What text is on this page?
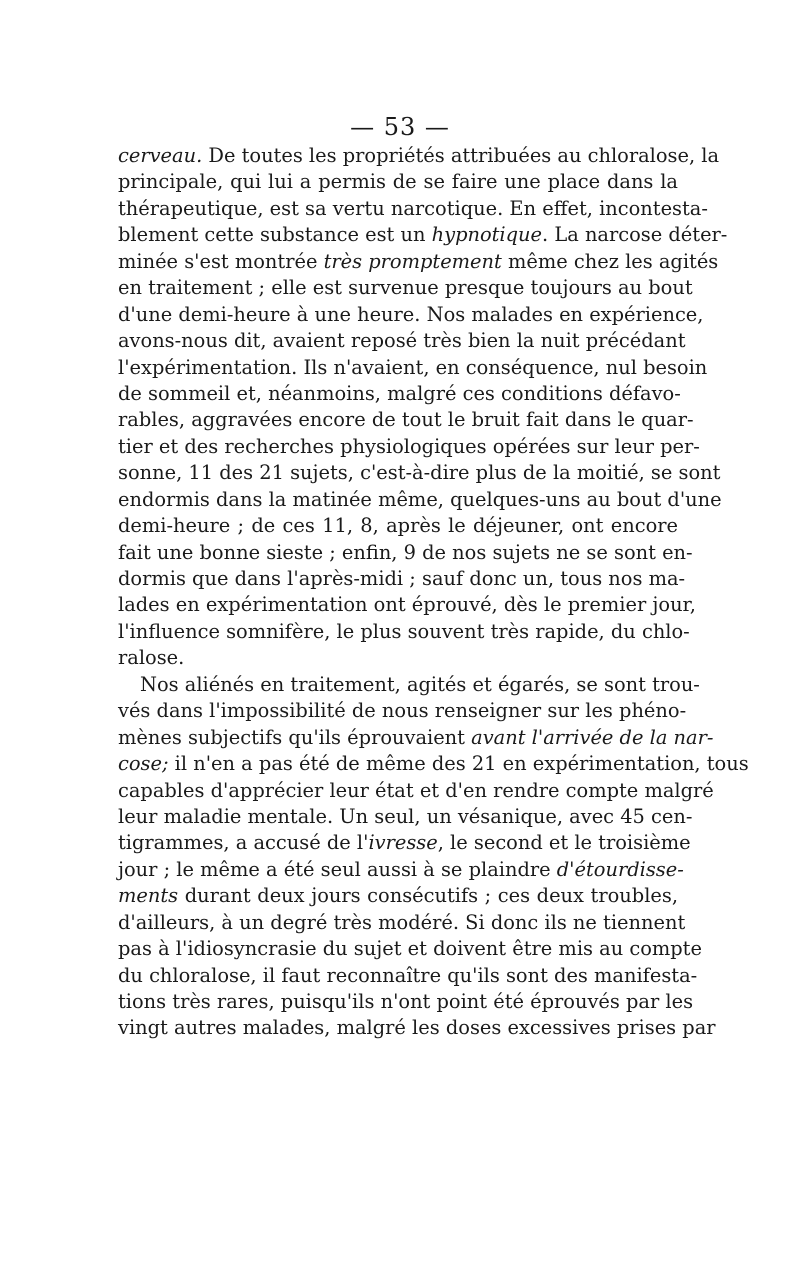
— 53 —
cerveau. De toutes les propriétés attribuées au chloralose, la
principale, qui lui a permis de se faire une place dans la
thérapeutique, est sa vertu narcotique. En effet, incontesta-
blement cette substance est un hypnotique. La narcose déter-
minée s'est montrée très promptement même chez les agités
en traitement ; elle est survenue presque toujours au bout
d'une demi-heure à une heure. Nos malades en expérience,
avons-nous dit, avaient reposé très bien la nuit précédant
l'expérimentation. Ils n'avaient, en conséquence, nul besoin
de sommeil et, néanmoins, malgré ces conditions défavo-
rables, aggravées encore de tout le bruit fait dans le quar-
tier et des recherches physiologiques opérées sur leur per-
sonne, 11 des 21 sujets, c'est-à-dire plus de la moitié, se sont
endormis dans la matinée même, quelques-uns au bout d'une
demi-heure ; de ces 11, 8, après le déjeuner, ont encore
fait une bonne sieste ; enfin, 9 de nos sujets ne se sont en-
dormis que dans l'après-midi ; sauf donc un, tous nos ma-
lades en expérimentation ont éprouvé, dès le premier jour,
l'influence somnifère, le plus souvent très rapide, du chlo-
ralose.
Nos aliénés en traitement, agités et égarés, se sont trou-
vés dans l'impossibilité de nous renseigner sur les phéno-
mènes subjectifs qu'ils éprouvaient avant l'arrivée de la nar-
cose; il n'en a pas été de même des 21 en expérimentation, tous
capables d'apprécier leur état et d'en rendre compte malgré
leur maladie mentale. Un seul, un vésanique, avec 45 cen-
tigrammes, a accusé de l'ivresse, le second et le troisième
jour ; le même a été seul aussi à se plaindre d'étourdisse-
ments durant deux jours consécutifs ; ces deux troubles,
d'ailleurs, à un degré très modéré. Si donc ils ne tiennent
pas à l'idiosyncrasie du sujet et doivent être mis au compte
du chloralose, il faut reconnaître qu'ils sont des manifesta-
tions très rares, puisqu'ils n'ont point été éprouvés par les
vingt autres malades, malgré les doses excessives prises par
